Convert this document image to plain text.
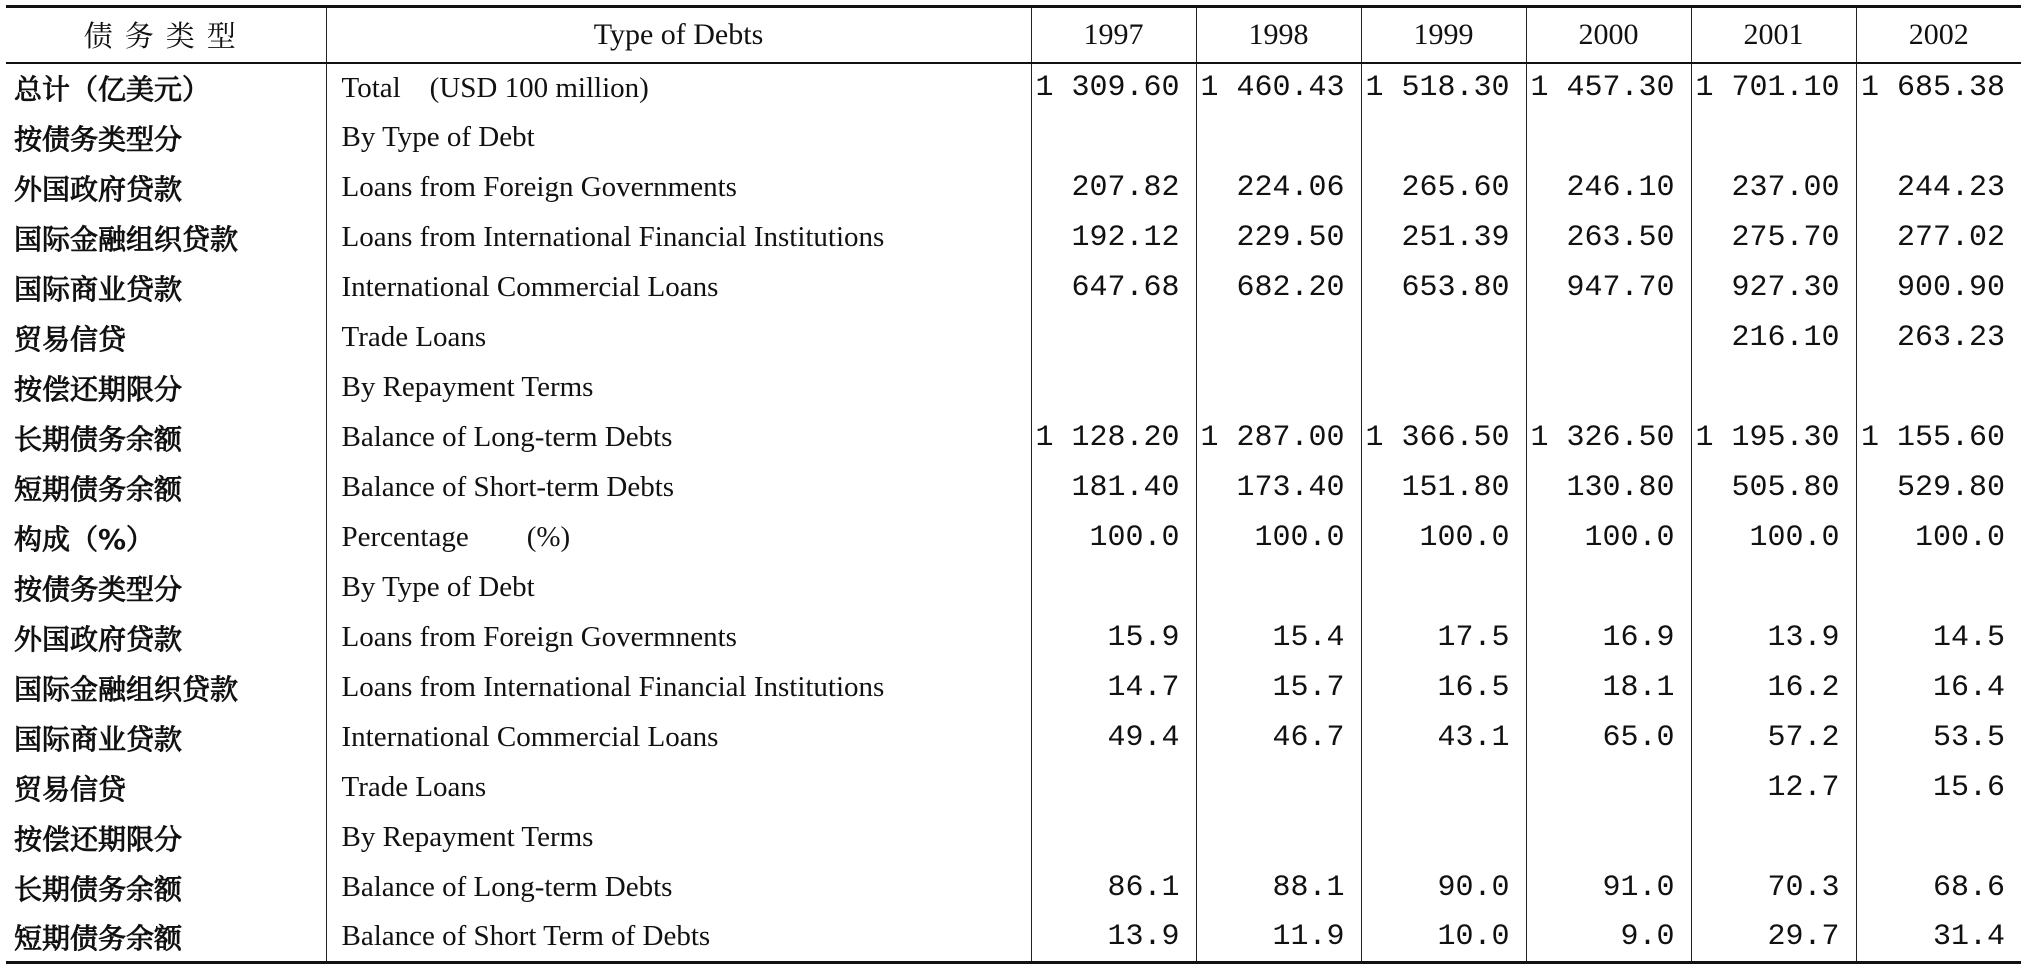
债务类型	Type of Debts	1997	1998	1999	2000	2001	2002
总计（亿美元）	Total    (USD 100 million)	1 309.60	1 460.43	1 518.30	1 457.30	1 701.10	1 685.38
按债务类型分	By Type of Debt						
外国政府贷款	Loans from Foreign Governments	207.82	224.06	265.60	246.10	237.00	244.23
国际金融组织贷款	Loans from International Financial Institutions	192.12	229.50	251.39	263.50	275.70	277.02
国际商业贷款	International Commercial Loans	647.68	682.20	653.80	947.70	927.30	900.90
贸易信贷	Trade Loans					216.10	263.23
按偿还期限分	By Repayment Terms						
长期债务余额	Balance of Long-term Debts	1 128.20	1 287.00	1 366.50	1 326.50	1 195.30	1 155.60
短期债务余额	Balance of Short-term Debts	181.40	173.40	151.80	130.80	505.80	529.80
构成（%）	Percentage        (%)	100.0	100.0	100.0	100.0	100.0	100.0
按债务类型分	By Type of Debt						
外国政府贷款	Loans from Foreign Govermnents	15.9	15.4	17.5	16.9	13.9	14.5
国际金融组织贷款	Loans from International Financial Institutions	14.7	15.7	16.5	18.1	16.2	16.4
国际商业贷款	International Commercial Loans	49.4	46.7	43.1	65.0	57.2	53.5
贸易信贷	Trade Loans					12.7	15.6
按偿还期限分	By Repayment Terms						
长期债务余额	Balance of Long-term Debts	86.1	88.1	90.0	91.0	70.3	68.6
短期债务余额	Balance of Short Term of Debts	13.9	11.9	10.0	9.0	29.7	31.4
